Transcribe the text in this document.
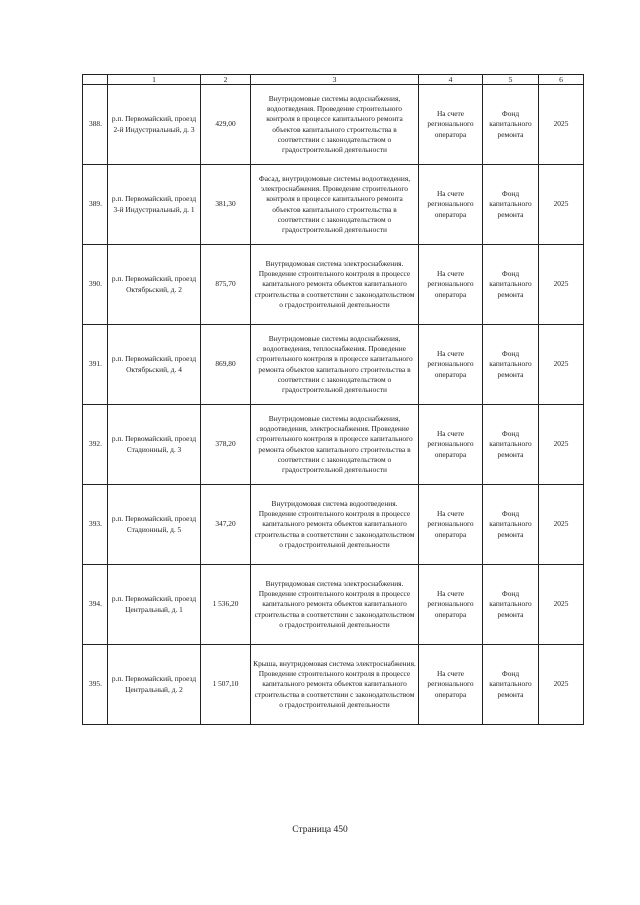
	1	2	3	4	5	6
388.	р.п. Первомайский, проезд 2-й Индустриальный, д. 3	429,00	Внутридомовые системы водоснабжения, водоотведения. Проведение строительного контроля в процессе капитального ремонта объектов капитального строительства в соответствии с законодательством о градостроительной деятельности	На счете регионального оператора	Фонд капитального ремонта	2025
389.	р.п. Первомайский, проезд 3-й Индустриальный, д. 1	381,30	Фасад, внутридомовые системы водоотведения, электроснабжения. Проведение строительного контроля в процессе капитального ремонта объектов капитального строительства в соответствии с законодательством о градостроительной деятельности	На счете регионального оператора	Фонд капитального ремонта	2025
390.	р.п. Первомайский, проезд Октябрьский, д. 2	875,70	Внутридомовая система электроснабжения. Проведение строительного контроля в процессе капитального ремонта объектов капитального строительства в соответствии с законодательством о градостроительной деятельности	На счете регионального оператора	Фонд капитального ремонта	2025
391.	р.п. Первомайский, проезд Октябрьский, д. 4	869,80	Внутридомовые системы водоснабжения, водоотведения, теплоснабжения. Проведение строительного контроля в процессе капитального ремонта объектов капитального строительства в соответствии с законодательством о градостроительной деятельности	На счете регионального оператора	Фонд капитального ремонта	2025
392.	р.п. Первомайский, проезд Стадионный, д. 3	378,20	Внутридомовые системы водоснабжения, водоотведения, электроснабжения. Проведение строительного контроля в процессе капитального ремонта объектов капитального строительства в соответствии с законодательством о градостроительной деятельности	На счете регионального оператора	Фонд капитального ремонта	2025
393.	р.п. Первомайский, проезд Стадионный, д. 5	347,20	Внутридомовая система водоотведения. Проведение строительного контроля в процессе капитального ремонта объектов капитального строительства в соответствии с законодательством о градостроительной деятельности	На счете регионального оператора	Фонд капитального ремонта	2025
394.	р.п. Первомайский, проезд Центральный, д. 1	1 536,20	Внутридомовая система электроснабжения. Проведение строительного контроля в процессе капитального ремонта объектов капитального строительства в соответствии с законодательством о градостроительной деятельности	На счете регионального оператора	Фонд капитального ремонта	2025
395.	р.п. Первомайский, проезд Центральный, д. 2	1 507,10	Крыша, внутридомовая система электроснабжения. Проведение строительного контроля в процессе капитального ремонта объектов капитального строительства в соответствии с законодательством о градостроительной деятельности	На счете регионального оператора	Фонд капитального ремонта	2025
Страница 450
